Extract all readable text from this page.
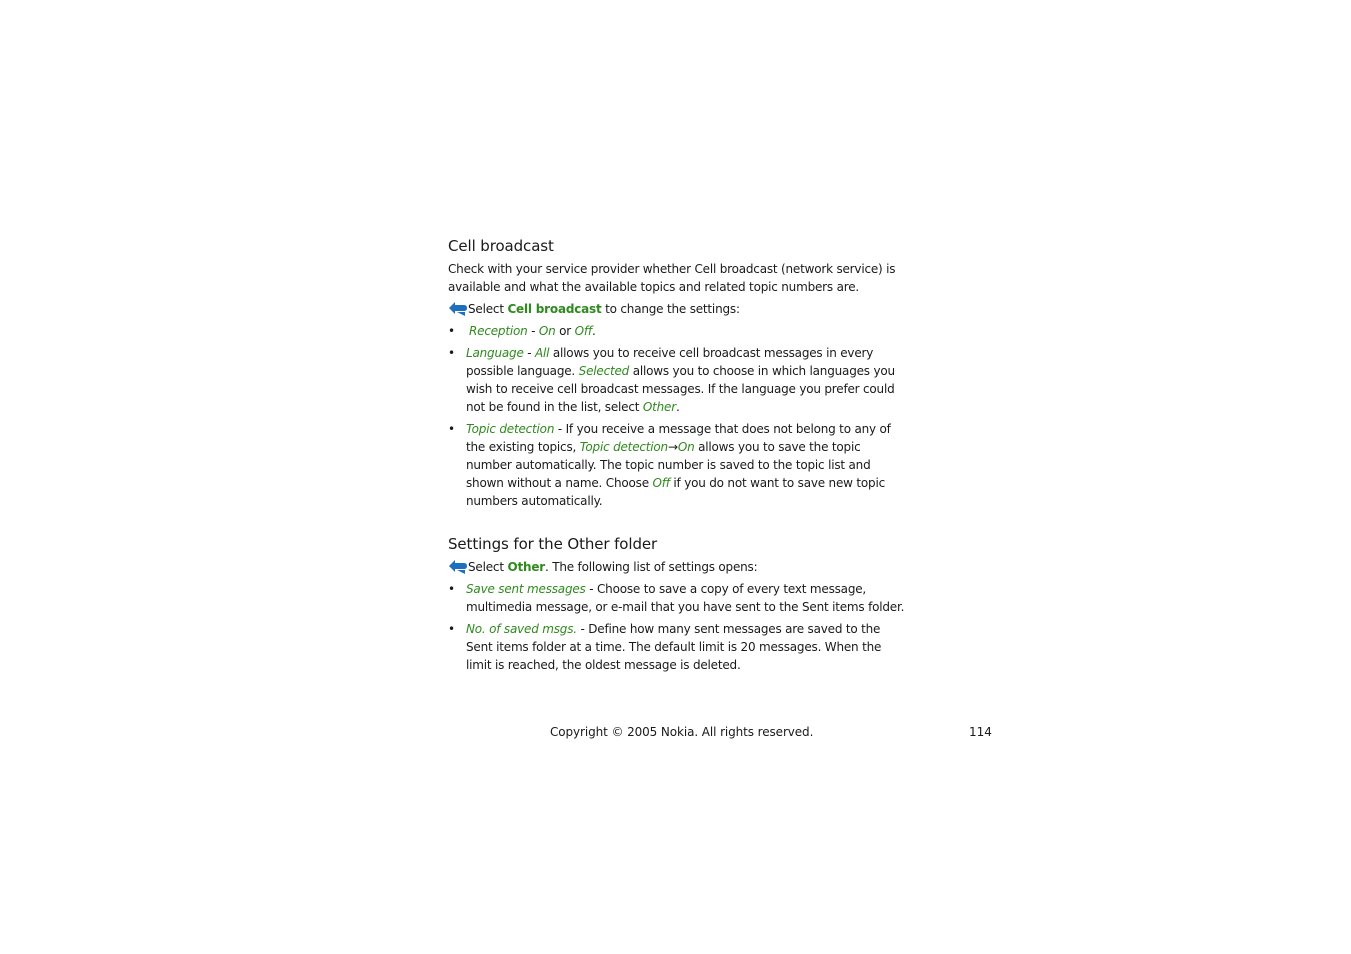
Cell broadcast

Check with your service provider whether Cell broadcast (network service) is available and what the available topics and related topic numbers are.

Select Cell broadcast to change the settings:
• Reception - On or Off.
• Language - All allows you to receive cell broadcast messages in every possible language. Selected allows you to choose in which languages you wish to receive cell broadcast messages. If the language you prefer could not be found in the list, select Other.
• Topic detection - If you receive a message that does not belong to any of the existing topics, Topic detection→On allows you to save the topic number automatically. The topic number is saved to the topic list and shown without a name. Choose Off if you do not want to save new topic numbers automatically.
Settings for the Other folder
Select Other. The following list of settings opens:
• Save sent messages - Choose to save a copy of every text message, multimedia message, or e-mail that you have sent to the Sent items folder.
• No. of saved msgs. - Define how many sent messages are saved to the Sent items folder at a time. The default limit is 20 messages. When the limit is reached, the oldest message is deleted.
Copyright © 2005 Nokia. All rights reserved.	114
